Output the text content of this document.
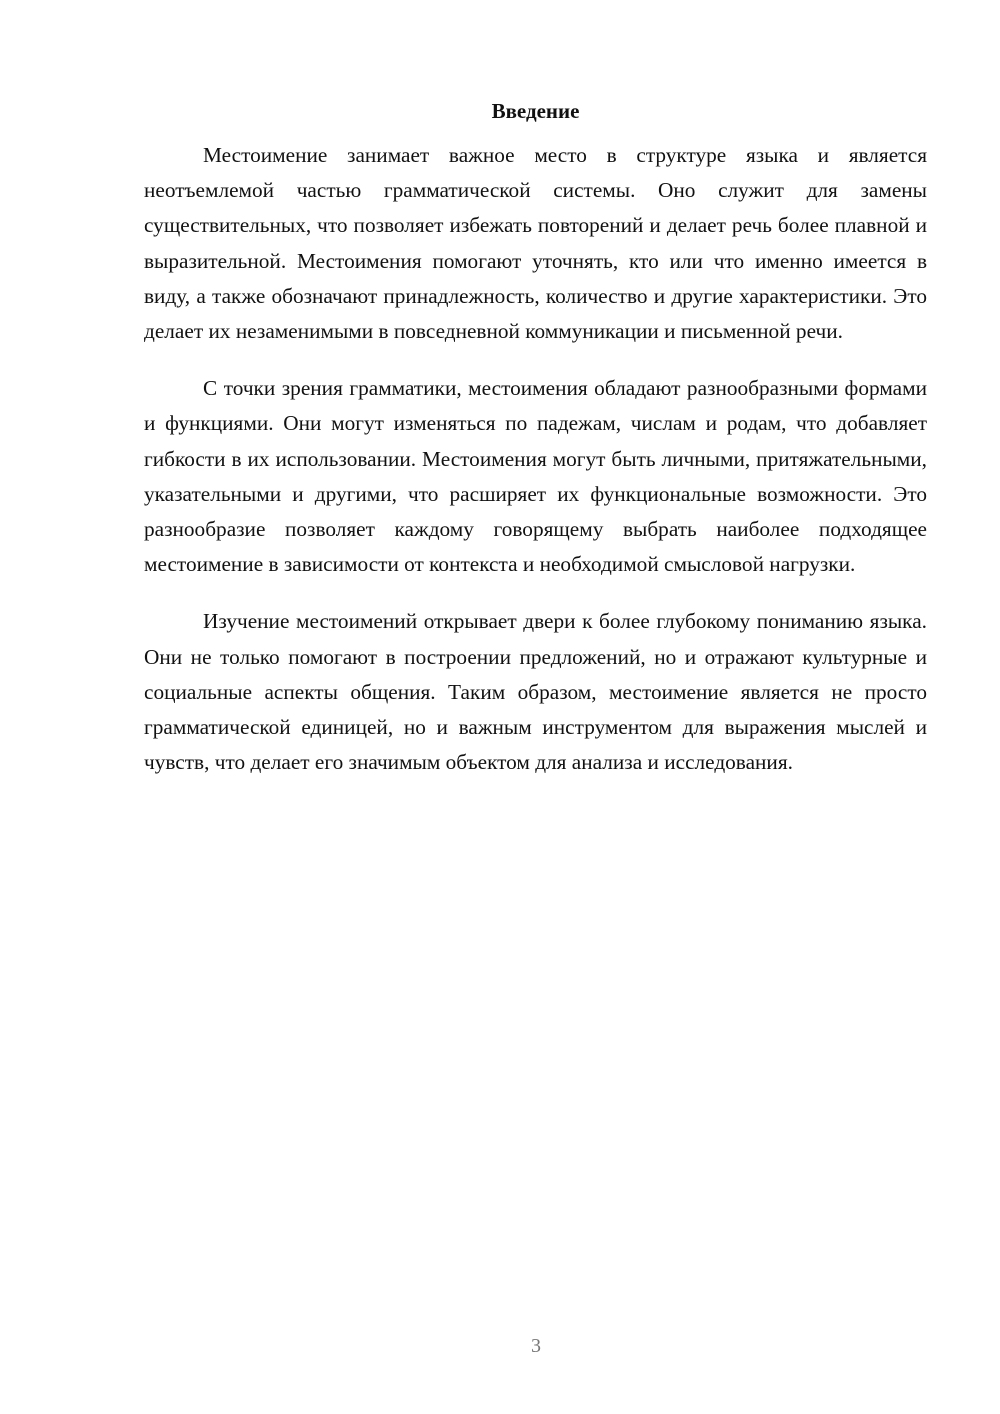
Введение

Местоимение занимает важное место в структуре языка и является неотъемлемой частью грамматической системы. Оно служит для замены существительных, что позволяет избежать повторений и делает речь более плавной и выразительной. Местоимения помогают уточнять, кто или что именно имеется в виду, а также обозначают принадлежность, количество и другие характеристики. Это делает их незаменимыми в повседневной коммуникации и письменной речи.

С точки зрения грамматики, местоимения обладают разнообразными формами и функциями. Они могут изменяться по падежам, числам и родам, что добавляет гибкости в их использовании. Местоимения могут быть личными, притяжательными, указательными и другими, что расширяет их функциональные возможности. Это разнообразие позволяет каждому говорящему выбрать наиболее подходящее местоимение в зависимости от контекста и необходимой смысловой нагрузки.

Изучение местоимений открывает двери к более глубокому пониманию языка. Они не только помогают в построении предложений, но и отражают культурные и социальные аспекты общения. Таким образом, местоимение является не просто грамматической единицей, но и важным инструментом для выражения мыслей и чувств, что делает его значимым объектом для анализа и исследования.

3
